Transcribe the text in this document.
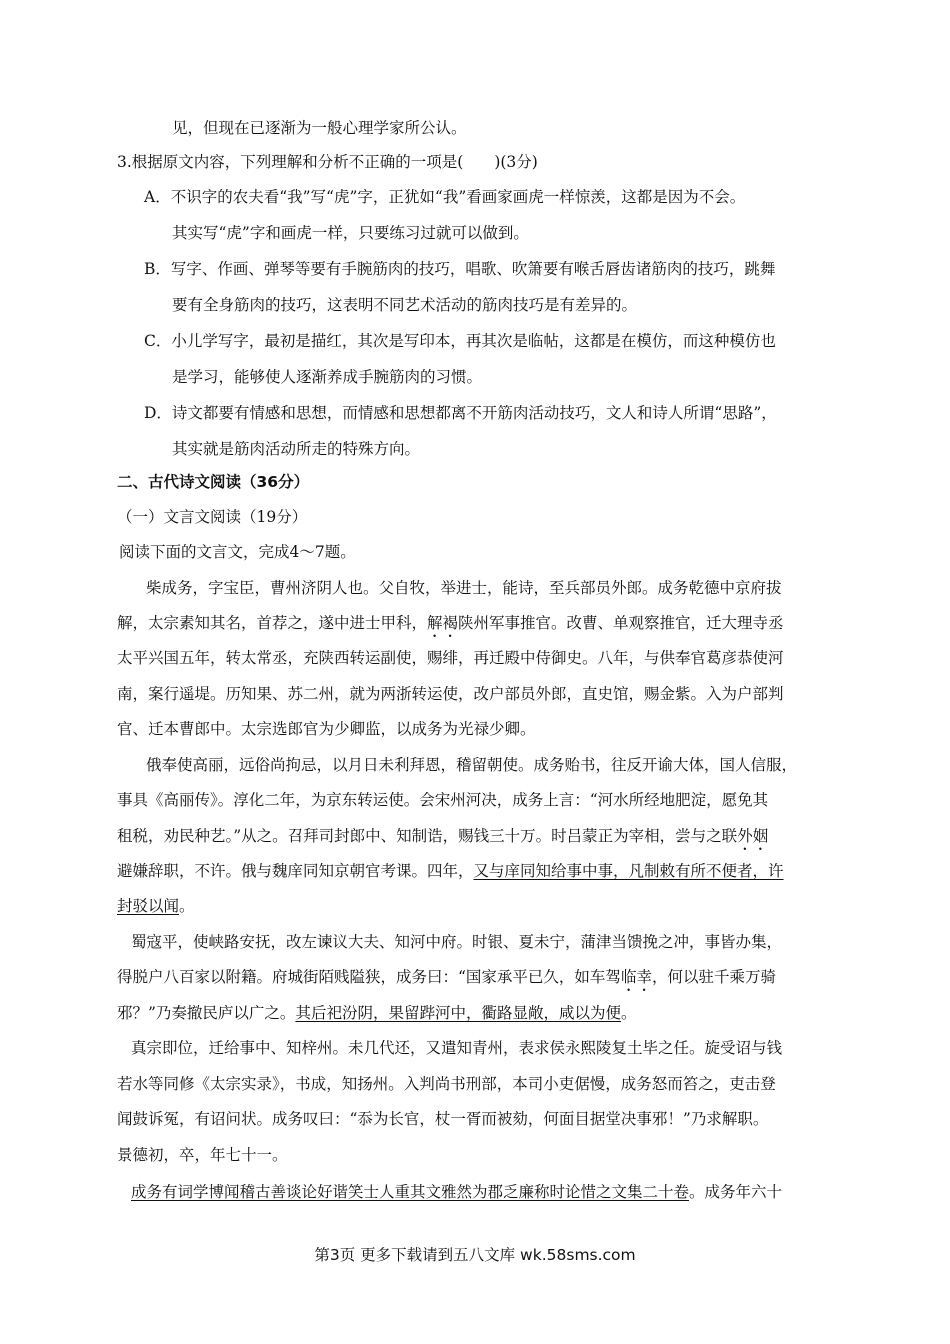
见，但现在已逐渐为一般心理学家所公认。
3.根据原文内容，下列理解和分析不正确的一项是(　　)(3分)
A．不识字的农夫看“我”写“虎”字，正犹如“我”看画家画虎一样惊羡，这都是因为不会。
其实写“虎”字和画虎一样，只要练习过就可以做到。
B．写字、作画、弹琴等要有手腕筋肉的技巧，唱歌、吹箫要有喉舌唇齿诸筋肉的技巧，跳舞
要有全身筋肉的技巧，这表明不同艺术活动的筋肉技巧是有差异的。
C．小儿学写字，最初是描红，其次是写印本，再其次是临帖，这都是在模仿，而这种模仿也
是学习，能够使人逐渐养成手腕筋肉的习惯。
D．诗文都要有情感和思想，而情感和思想都离不开筋肉活动技巧，文人和诗人所谓“思路”，
其实就是筋肉活动所走的特殊方向。
二、古代诗文阅读（36分）
（一）文言文阅读（19分）
阅读下面的文言文，完成4～7题。
柴成务，字宝臣，曹州济阴人也。父自牧，举进士，能诗，至兵部员外郎。成务乾德中京府拔
解，太宗素知其名，首荐之，遂中进士甲科，解褐陕州军事推官。改曹、单观察推官，迁大理寺丞
太平兴国五年，转太常丞，充陕西转运副使，赐绯，再迁殿中侍御史。八年，与供奉官葛彦恭使河
南，案行遥堤。历知果、苏二州，就为两浙转运使，改户部员外郎，直史馆，赐金紫。入为户部判
官、迁本曹郎中。太宗选郎官为少卿监，以成务为光禄少卿。
俄奉使高丽，远俗尚拘忌，以月日未利拜恩，稽留朝使。成务贻书，往反开谕大体，国人信服，
事具《高丽传》。淳化二年，为京东转运使。会宋州河决，成务上言：“河水所经地肥淀，愿免其
租税，劝民种艺。”从之。召拜司封郎中、知制诰，赐钱三十万。时吕蒙正为宰相，尝与之联外姻
避嫌辞职，不许。俄与魏庠同知京朝官考课。四年，又与庠同知给事中事，凡制敕有所不便者，许
封驳以闻。
蜀寇平，使峡路安抚，改左谏议大夫、知河中府。时银、夏未宁，蒲津当馈挽之冲，事皆办集，
得脱户八百家以附籍。府城街陌贱隘狭，成务曰：“国家承平已久，如车驾临幸，何以驻千乘万骑
邪？”乃奏撤民庐以广之。其后祀汾阴，果留跸河中，衢路显敞，咸以为便。
真宗即位，迁给事中、知梓州。未几代还，又遣知青州，表求侯永熙陵复土毕之任。旋受诏与钱
若水等同修《太宗实录》，书成，知扬州。入判尚书刑部，本司小吏倨慢，成务怒而笞之，吏击登
闻鼓诉冤，有诏问状。成务叹曰：“忝为长官，杖一胥而被劾，何面目据堂决事邪！”乃求解职。
景德初，卒，年七十一。
成务有词学博闻稽古善谈论好谐笑士人重其文雅然为郡乏廉称时论惜之文集二十卷。成务年六十
第3页 更多下载请到五八文库 wk.58sms.com
